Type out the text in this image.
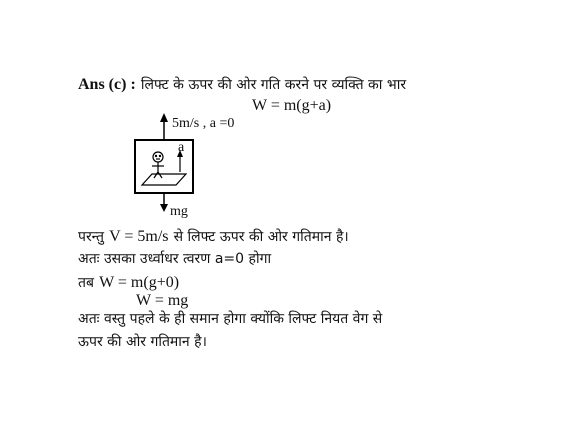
Ans (c) : लिफ्ट के ऊपर की ओर गति करने पर व्यक्ति का भार
W = m(g+a)
5m/s , a =0
a
mg
परन्तु V = 5m/s से लिफ्ट ऊपर की ओर गतिमान है।
अतः उसका उर्ध्वाधर त्वरण a=0 होगा
तब W = m(g+0)
W = mg
अतः वस्तु पहले के ही समान होगा क्योंकि लिफ्ट नियत वेग से
ऊपर की ओर गतिमान है।
